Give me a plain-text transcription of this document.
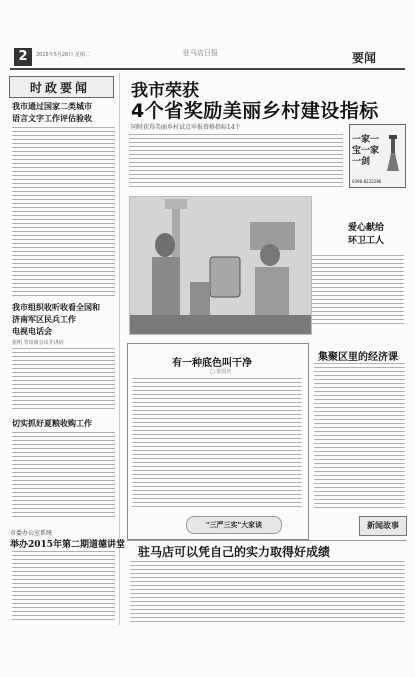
2	2015年5月26日 星期二	驻马店日报	要闻
时政要闻
我市通过国家二类城市
语言文字工作评估验收
我市组织收听收看全国和
济南军区民兵工作
电视电话会
张明 等出席会议并讲话
切实抓好夏粮收购工作
市委办公室系统
举办2015年第二期道德讲堂
我市荣获
4个省奖励美丽乡村建设指标
同时获得美丽乡村试点申报资格指标14个
一家一宝一家一剑
0396-8222286
爱心献给
环卫工人
有一种底色叫干净
□ 张国庆
"三严三实"大家谈
集聚区里的经济课
新闻故事
驻马店可以凭自己的实力取得好成绩
